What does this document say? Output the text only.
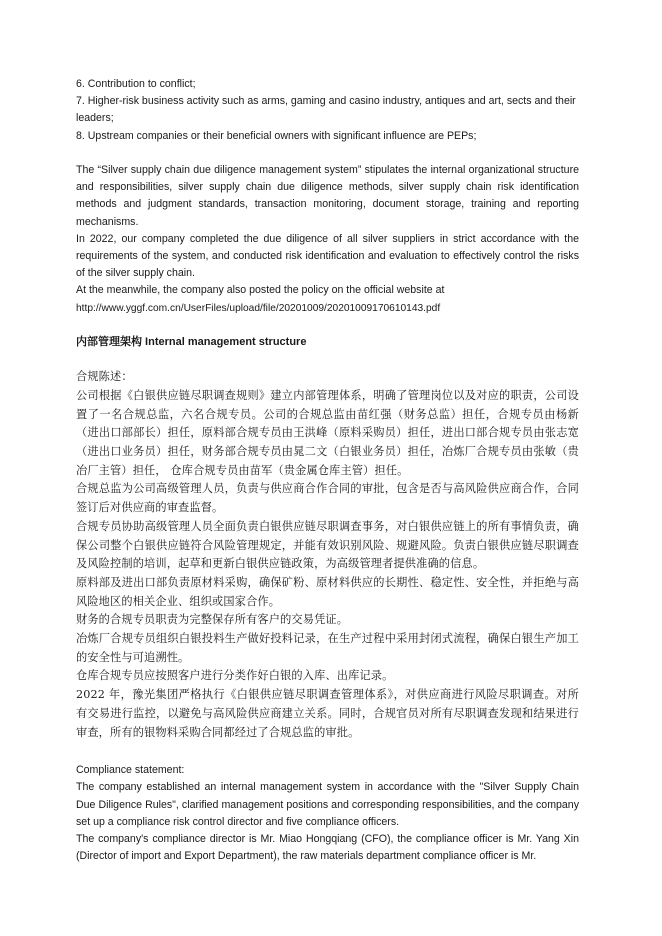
6. Contribution to conflict;

7. Higher-risk business activity such as arms, gaming and casino industry, antiques and art, sects and their leaders;

8. Upstream companies or their beneficial owners with significant influence are PEPs;

The “Silver supply chain due diligence management system” stipulates the internal organizational structure and responsibilities, silver supply chain due diligence methods, silver supply chain risk identification methods and judgment standards, transaction monitoring, document storage, training and reporting mechanisms.

In 2022, our company completed the due diligence of all silver suppliers in strict accordance with the requirements of the system, and conducted risk identification and evaluation to effectively control the risks of the silver supply chain.

At the meanwhile, the company also posted the policy on the official website at

http://www.yggf.com.cn/UserFiles/upload/file/20201009/20201009170610143.pdf

内部管理架构 Internal management structure

合规陈述：

公司根据《白银供应链尽职调查规则》建立内部管理体系，明确了管理岗位以及对应的职责，公司设置了一名合规总监，六名合规专员。公司的合规总监由苗红强（财务总监）担任，合规专员由杨新（进出口部部长）担任，原料部合规专员由王洪峰（原料采购员）担任，进出口部合规专员由张志宽（进出口业务员）担任，财务部合规专员由晁二文（白银业务员）担任，冶炼厂合规专员由张敏（贵冶厂主管）担任， 仓库合规专员由苗军（贵金属仓库主管）担任。

合规总监为公司高级管理人员，负责与供应商合作合同的审批，包含是否与高风险供应商合作，合同签订后对供应商的审查监督。

合规专员协助高级管理人员全面负责白银供应链尽职调查事务，对白银供应链上的所有事情负责，确保公司整个白银供应链符合风险管理规定，并能有效识别风险、规避风险。负责白银供应链尽职调查及风险控制的培训，起草和更新白银供应链政策，为高级管理者提供准确的信息。

原料部及进出口部负责原材料采购，确保矿粉、原材料供应的长期性、稳定性、安全性，并拒绝与高风险地区的相关企业、组织或国家合作。

财务的合规专员职责为完整保存所有客户的交易凭证。

冶炼厂合规专员组织白银投料生产做好投料记录，在生产过程中采用封闭式流程，确保白银生产加工的安全性与可追溯性。

仓库合规专员应按照客户进行分类作好白银的入库、出库记录。

2022 年，豫光集团严格执行《白银供应链尽职调查管理体系》，对供应商进行风险尽职调查。对所有交易进行监控，以避免与高风险供应商建立关系。同时，合规官员对所有尽职调查发现和结果进行审查，所有的银物料采购合同都经过了合规总监的审批。

Compliance statement:

The company established an internal management system in accordance with the "Silver Supply Chain Due Diligence Rules", clarified management positions and corresponding responsibilities, and the company set up a compliance risk control director and five compliance officers.

The company's compliance director is Mr. Miao Hongqiang (CFO), the compliance officer is Mr. Yang Xin (Director of import and Export Department), the raw materials department compliance officer is Mr.
